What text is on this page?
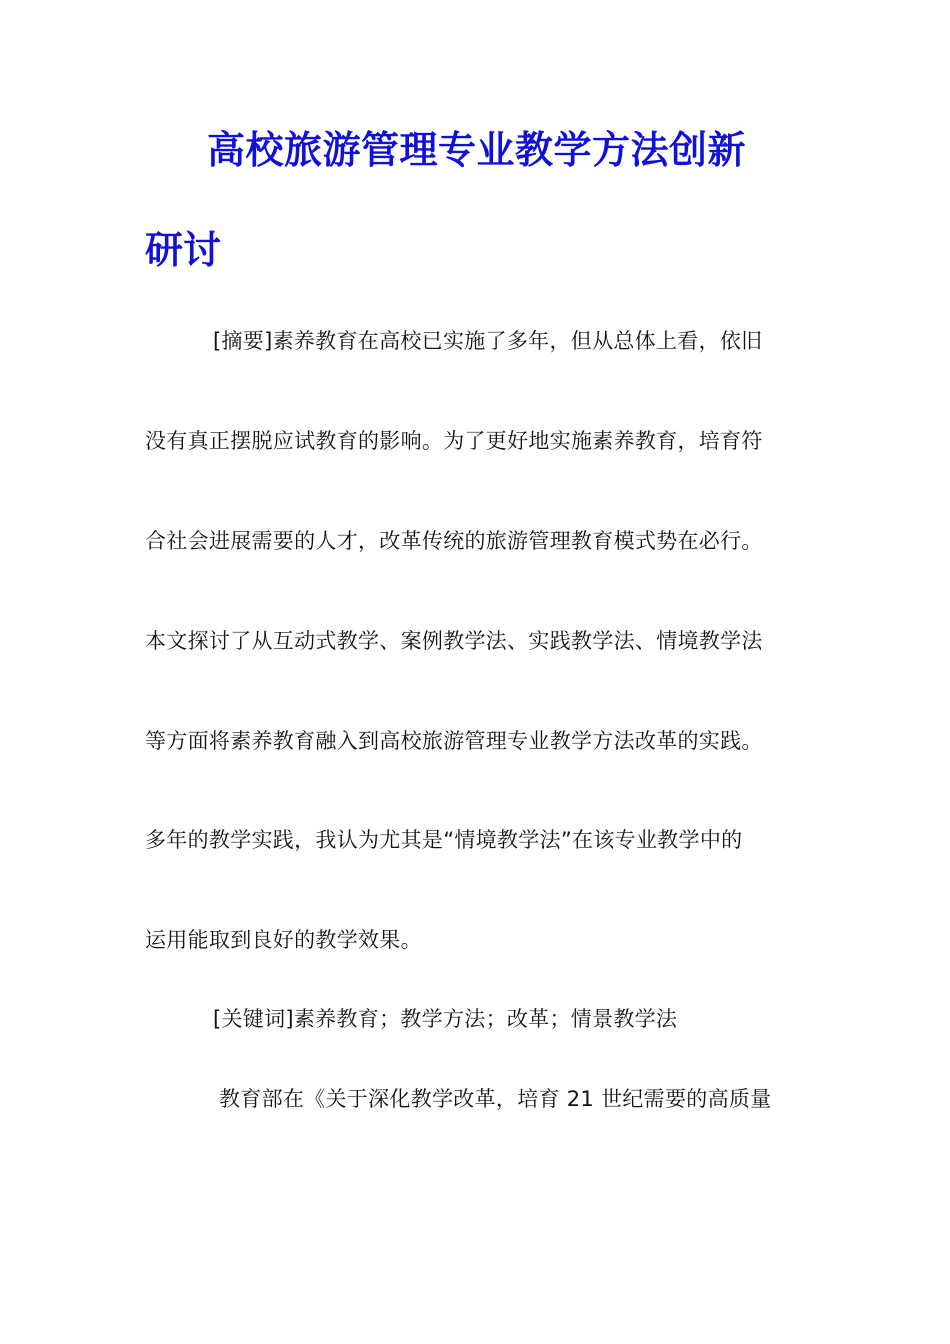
高校旅游管理专业教学方法创新
研讨
[摘要]素养教育在高校已实施了多年，但从总体上看，依旧
没有真正摆脱应试教育的影响。为了更好地实施素养教育，培育符
合社会进展需要的人才，改革传统的旅游管理教育模式势在必行。
本文探讨了从互动式教学、案例教学法、实践教学法、情境教学法
等方面将素养教育融入到高校旅游管理专业教学方法改革的实践。
多年的教学实践，我认为尤其是“情境教学法”在该专业教学中的
运用能取到良好的教学效果。
[关键词]素养教育；教学方法；改革；情景教学法
教育部在《关于深化教学改革，培育 21 世纪需要的高质量
